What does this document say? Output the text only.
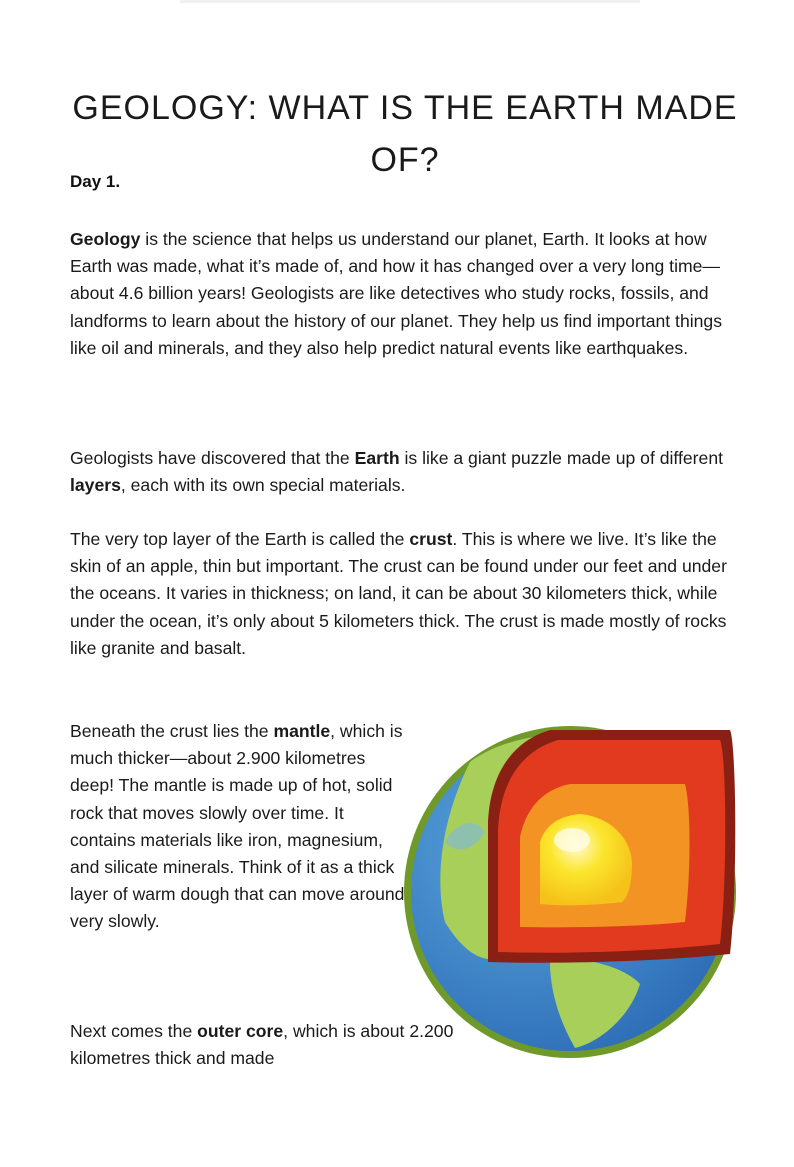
GEOLOGY: WHAT IS THE EARTH MADE OF?

Day 1.

Geology is the science that helps us understand our planet, Earth. It looks at how Earth was made, what it’s made of, and how it has changed over a very long time—about 4.6 billion years! Geologists are like detectives who study rocks, fossils, and landforms to learn about the history of our planet. They help us find important things like oil and minerals, and they also help predict natural events like earthquakes.

Geologists have discovered that the Earth is like a giant puzzle made up of different layers, each with its own special materials.

The very top layer of the Earth is called the crust. This is where we live. It’s like the skin of an apple, thin but important. The crust can be found under our feet and under the oceans. It varies in thickness; on land, it can be about 30 kilometers thick, while under the ocean, it’s only about 5 kilometers thick. The crust is made mostly of rocks like granite and basalt.

Beneath the crust lies the mantle, which is much thicker—about 2.900 kilometres deep! The mantle is made up of hot, solid rock that moves slowly over time. It contains materials like iron, magnesium, and silicate minerals. Think of it as a thick layer of warm dough that can move around very slowly.

Next comes the outer core, which is about 2.200 kilometres thick and made
